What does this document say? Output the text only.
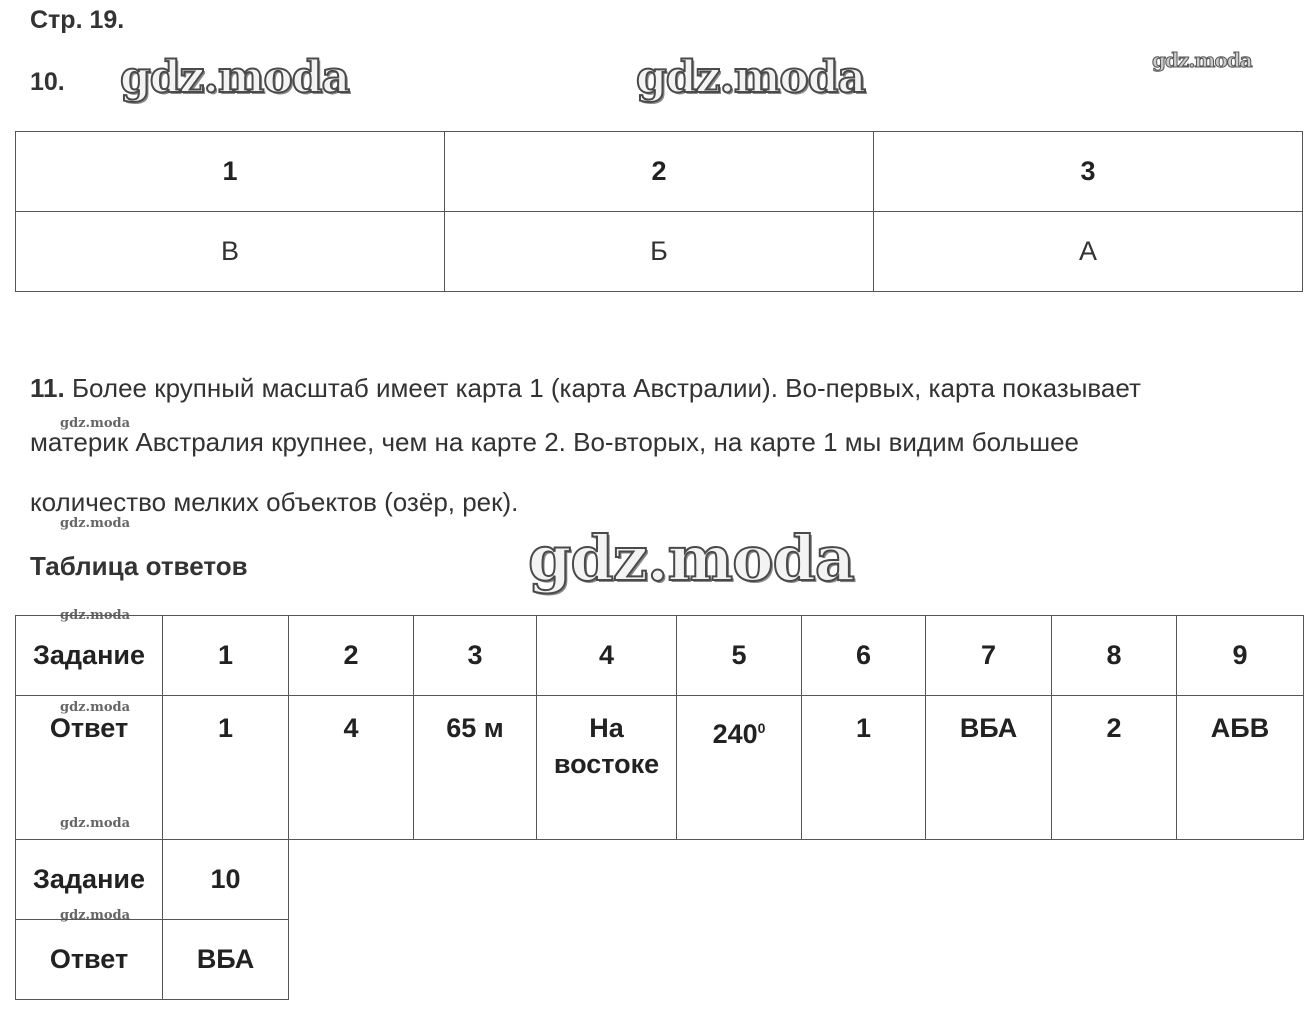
Стр. 19.
10. gdz.moda	gdz.moda	gdz.moda
gdz.moda
gdz.moda
gdz.moda
gdz.moda
gdz.moda
gdz.moda
gdz.moda
1	2	3
В	Б	А
11. Более крупный масштаб имеет карта 1 (карта Австралии). Во-первых, карта показывает
материк Австралия крупнее, чем на карте 2. Во-вторых, на карте 1 мы видим большее
количество мелких объектов (озёр, рек).
Таблица ответов
Задание	1	2	3	4	5	6	7	8	9
Ответ	1	4	65 м	На востоке	$240^0$	1	ВБА	2	АБВ
Задание	10								
Ответ	ВБА								
